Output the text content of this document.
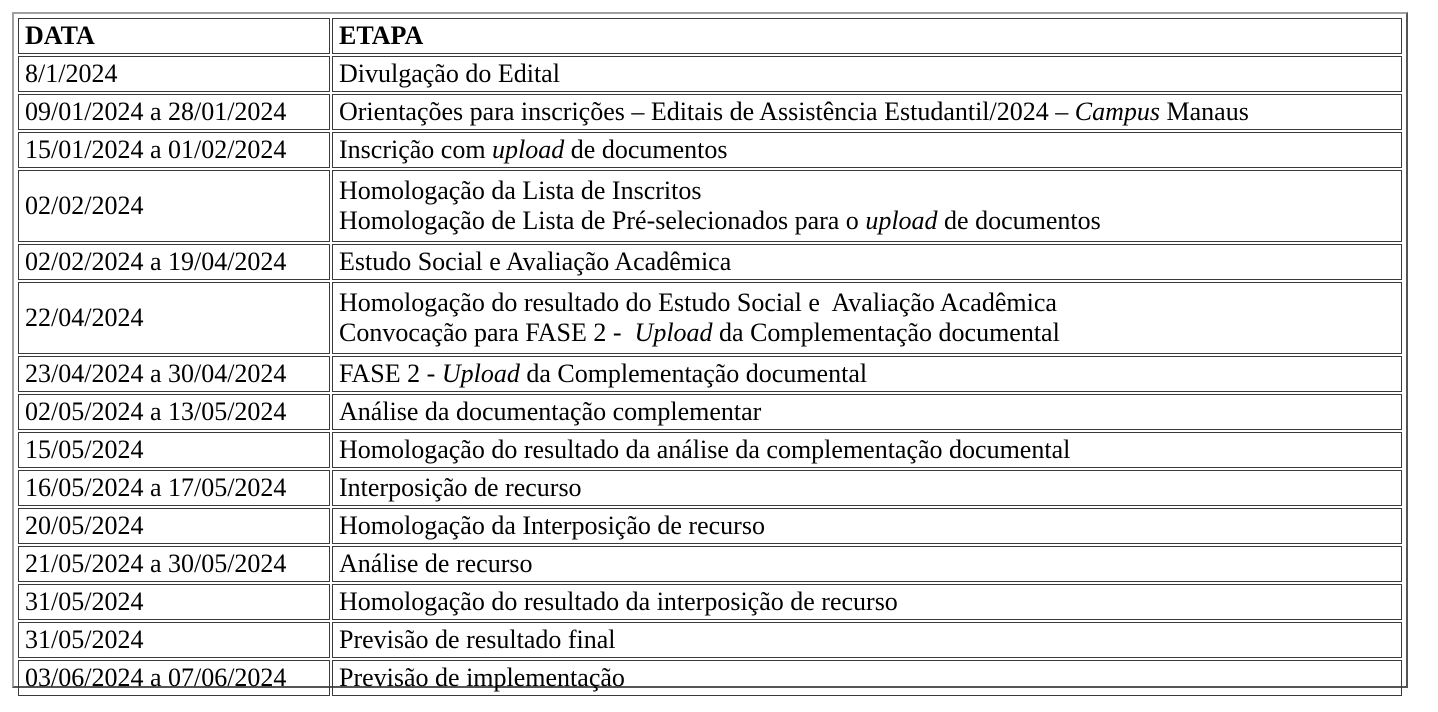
DATA	ETAPA
8/1/2024	Divulgação do Edital

09/01/2024 a 28/01/2024	Orientações para inscrições – Editais de Assistência Estudantil/2024 – Campus Manaus

15/01/2024 a 01/02/2024	Inscrição com upload de documentos

02/02/2024	Homologação da Lista de Inscritos
Homologação de Lista de Pré-selecionados para o upload de documentos

02/02/2024 a 19/04/2024	Estudo Social e Avaliação Acadêmica

22/04/2024	Homologação do resultado do Estudo Social e  Avaliação Acadêmica
Convocação para FASE 2 -  Upload da Complementação documental

23/04/2024 a 30/04/2024	FASE 2 - Upload da Complementação documental

02/05/2024 a 13/05/2024	Análise da documentação complementar

15/05/2024	Homologação do resultado da análise da complementação documental

16/05/2024 a 17/05/2024	Interposição de recurso

20/05/2024	Homologação da Interposição de recurso

21/05/2024 a 30/05/2024	Análise de recurso

31/05/2024	Homologação do resultado da interposição de recurso

31/05/2024	Previsão de resultado final

03/06/2024 a 07/06/2024	Previsão de implementação
